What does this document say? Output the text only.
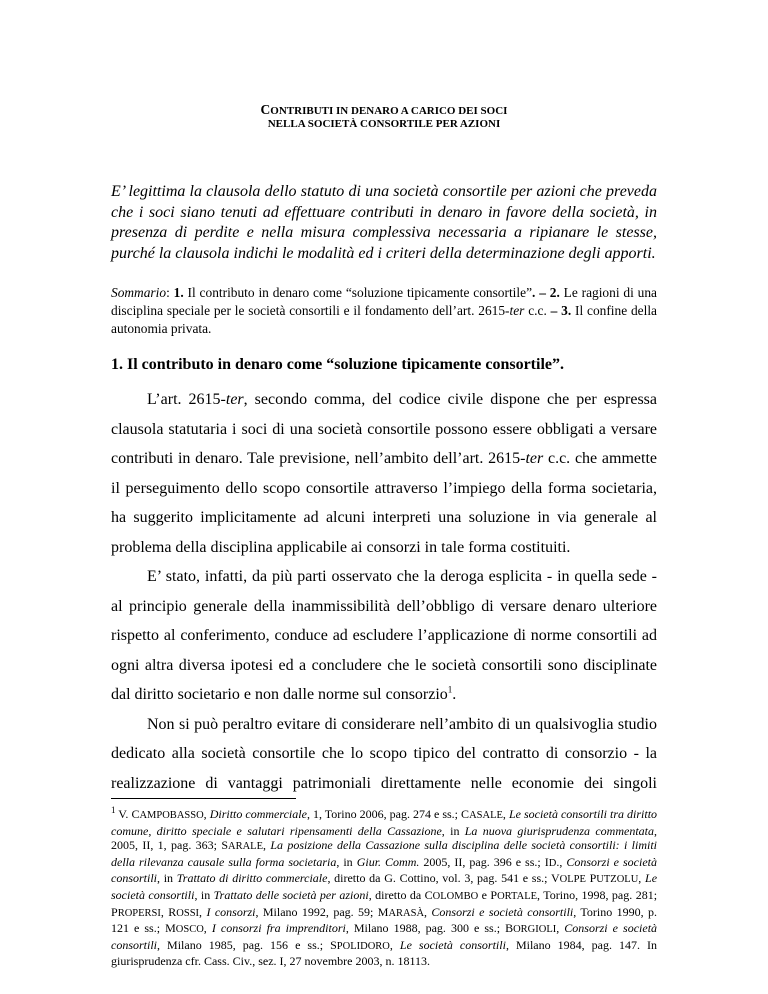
CONTRIBUTI IN DENARO A CARICO DEI SOCI
NELLA SOCIETÀ CONSORTILE PER AZIONI
E’ legittima la clausola dello statuto di una società consortile per azioni che preveda che i soci siano tenuti ad effettuare contributi in denaro in favore della società, in presenza di perdite e nella misura complessiva necessaria a ripianare le stesse, purché la clausola indichi le modalità ed i criteri della determinazione degli apporti.
Sommario: 1. Il contributo in denaro come “soluzione tipicamente consortile”. – 2. Le ragioni di una disciplina speciale per le società consortili e il fondamento dell’art. 2615-ter c.c. – 3. Il confine della autonomia privata.
1. Il contributo in denaro come “soluzione tipicamente consortile”.

L’art. 2615-ter, secondo comma, del codice civile dispone che per espressa clausola statutaria i soci di una società consortile possono essere obbligati a versare contributi in denaro. Tale previsione, nell’ambito dell’art. 2615-ter c.c. che ammette il perseguimento dello scopo consortile attraverso l’impiego della forma societaria, ha suggerito implicitamente ad alcuni interpreti una soluzione in via generale al problema della disciplina applicabile ai consorzi in tale forma costituiti.

E’ stato, infatti, da più parti osservato che la deroga esplicita - in quella sede - al principio generale della inammissibilità dell’obbligo di versare denaro ulteriore rispetto al conferimento, conduce ad escludere l’applicazione di norme consortili ad ogni altra diversa ipotesi ed a concludere che le società consortili sono disciplinate dal diritto societario e non dalle norme sul consorzio$^1$.

Non si può peraltro evitare di considerare nell’ambito di un qualsivoglia studio dedicato alla società consortile che lo scopo tipico del contratto di consorzio - la realizzazione di vantaggi patrimoniali direttamente nelle economie dei singoli

$^1$ V. CAMPOBASSO, Diritto commerciale, 1, Torino 2006, pag. 274 e ss.; CASALE, Le società consortili tra diritto comune, diritto speciale e salutari ripensamenti della Cassazione, in La nuova giurisprudenza commentata, 2005, II, 1, pag. 363; SARALE, La posizione della Cassazione sulla disciplina delle società consortili: i limiti della rilevanza causale sulla forma societaria, in Giur. Comm. 2005, II, pag. 396 e ss.; ID., Consorzi e società consortili, in Trattato di diritto commerciale, diretto da G. Cottino, vol. 3, pag. 541 e ss.; VOLPE PUTZOLU, Le società consortili, in Trattato delle società per azioni, diretto da COLOMBO e PORTALE, Torino, 1998, pag. 281; PROPERSI, ROSSI, I consorzi, Milano 1992, pag. 59; MARASÀ, Consorzi e società consortili, Torino 1990, p. 121 e ss.; MOSCO, I consorzi fra imprenditori, Milano 1988, pag. 300 e ss.; BORGIOLI, Consorzi e società consortili, Milano 1985, pag. 156 e ss.; SPOLIDORO, Le società consortili, Milano 1984, pag. 147. In giurisprudenza cfr. Cass. Civ., sez. I, 27 novembre 2003, n. 18113.
